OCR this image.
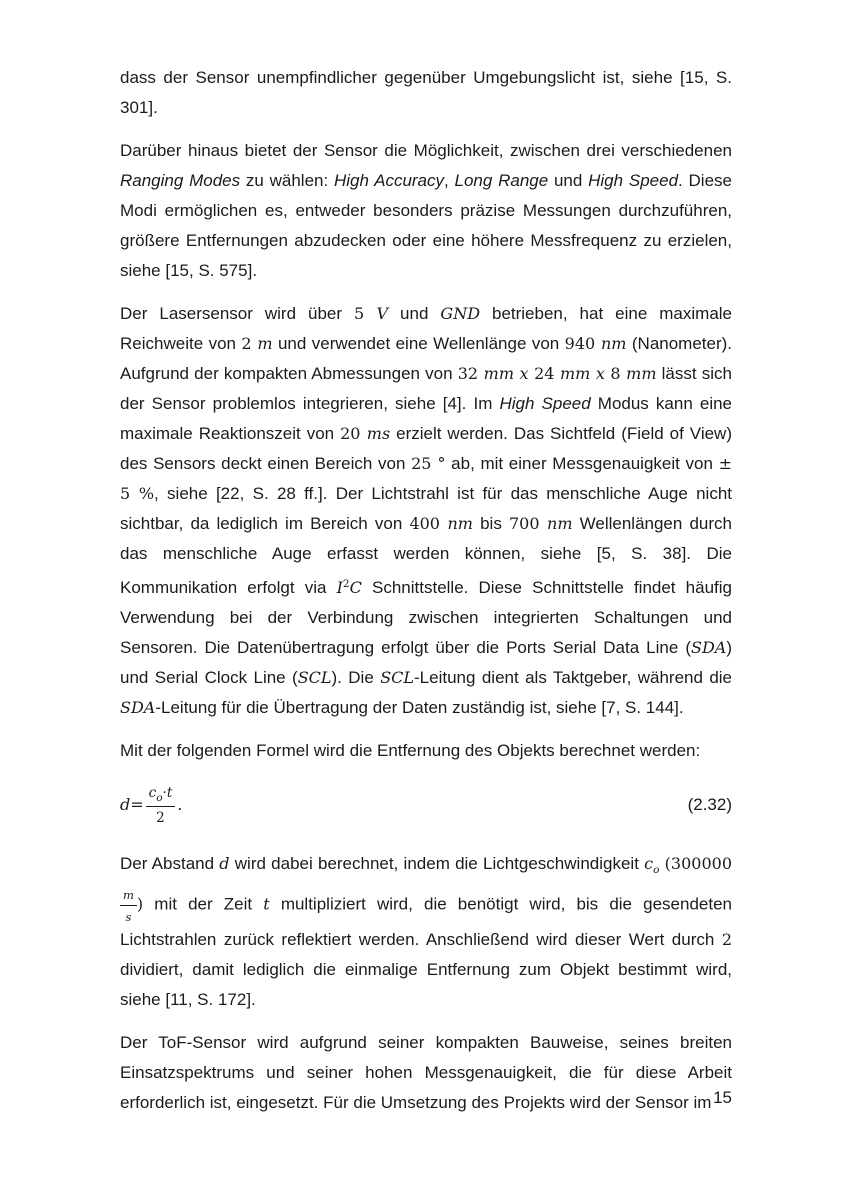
dass der Sensor unempfindlicher gegenüber Umgebungslicht ist, siehe [15, S. 301].

Darüber hinaus bietet der Sensor die Möglichkeit, zwischen drei verschiedenen Ranging Modes zu wählen: High Accuracy, Long Range und High Speed. Diese Modi ermöglichen es, entweder besonders präzise Messungen durchzuführen, größere Entfernungen abzudecken oder eine höhere Messfrequenz zu erzielen, siehe [15, S. 575].

Der Lasersensor wird über 5 V und GND betrieben, hat eine maximale Reichweite von 2 m und verwendet eine Wellenlänge von 940 nm (Nanometer). Aufgrund der kompakten Abmessungen von 32 mm x 24 mm x 8 mm lässt sich der Sensor problemlos integrieren, siehe [4]. Im High Speed Modus kann eine maximale Reaktionszeit von 20 ms erzielt werden. Das Sichtfeld (Field of View) des Sensors deckt einen Bereich von 25 ° ab, mit einer Messgenauigkeit von ± 5 %, siehe [22, S. 28 ff.]. Der Lichtstrahl ist für das menschliche Auge nicht sichtbar, da lediglich im Bereich von 400 nm bis 700 nm Wellenlängen durch das menschliche Auge erfasst werden können, siehe [5, S. 38]. Die Kommunikation erfolgt via $I^2C$ Schnittstelle. Diese Schnittstelle findet häufig Verwendung bei der Verbindung zwischen integrierten Schaltungen und Sensoren. Die Datenübertragung erfolgt über die Ports Serial Data Line (SDA) und Serial Clock Line (SCL). Die SCL-Leitung dient als Taktgeber, während die SDA-Leitung für die Übertragung der Daten zuständig ist, siehe [7, S. 144].

Mit der folgenden Formel wird die Entfernung des Objekts berechnet werden:

$d = \frac{c_o\cdot t}{2}$ .	(2.32)

Der Abstand d wird dabei berechnet, indem die Lichtgeschwindigkeit $c_o$ (300000
$\frac{m}{s}$ ) mit der Zeit t multipliziert wird, die benötigt wird, bis die gesendeten Lichtstrahlen zurück reflektiert werden. Anschließend wird dieser Wert durch 2 dividiert, damit lediglich die einmalige Entfernung zum Objekt bestimmt wird, siehe [11, S. 172].

Der ToF-Sensor wird aufgrund seiner kompakten Bauweise, seines breiten Einsatzspektrums und seiner hohen Messgenauigkeit, die für diese Arbeit erforderlich ist, eingesetzt. Für die Umsetzung des Projekts wird der Sensor im 15
